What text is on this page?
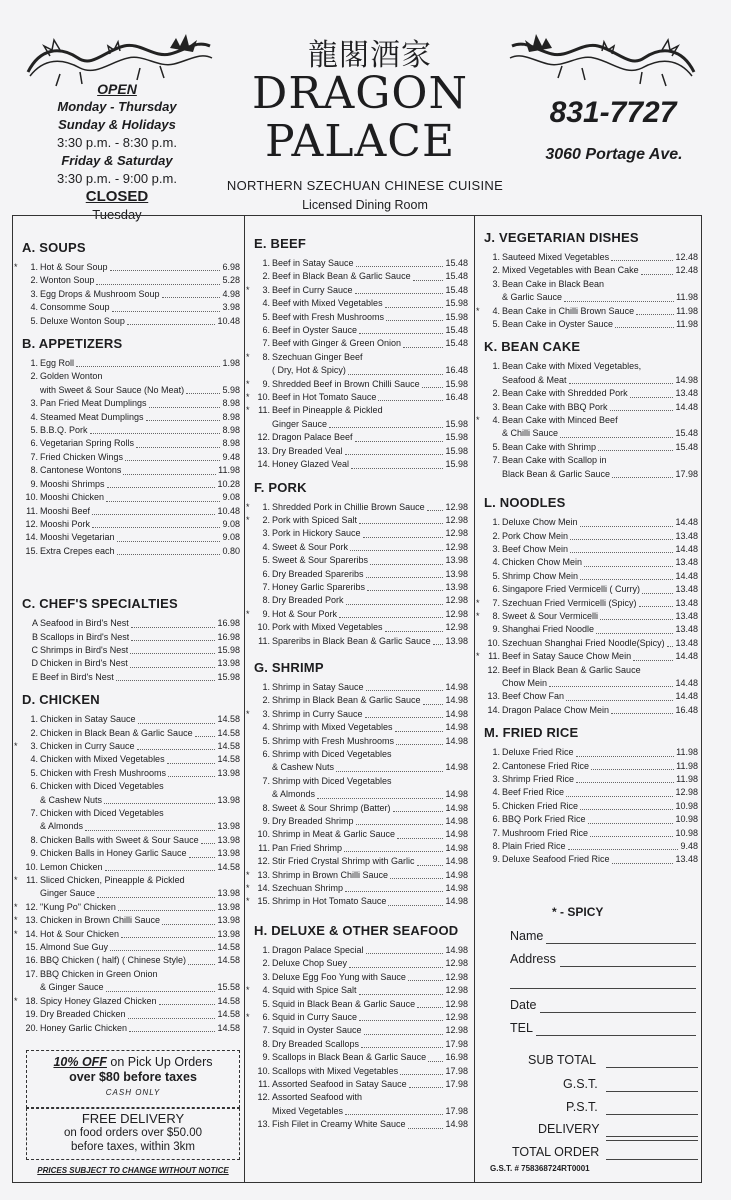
OPEN
Monday - Thursday
Sunday & Holidays
3:30 p.m. - 8:30 p.m.
Friday & Saturday
3:30 p.m. - 9:00 p.m.
CLOSED
Tuesday
龍閣酒家
DRAGON
PALACE
NORTHERN SZECHUAN CHINESE CUISINE
Licensed Dining Room
831-7727
3060 Portage Ave.
A. SOUPS
*	1. Hot & Sour Soup	6.98
2. Wonton Soup	5.28
3. Egg Drops & Mushroom Soup	4.98
4. Consomme Soup	3.98
5. Deluxe Wonton Soup	10.48
B. APPETIZERS
1. Egg Roll	1.98
2. Golden Wonton
with Sweet & Sour Sauce (No Meat)	5.98
3. Pan Fried Meat Dumplings	8.98
4. Steamed Meat Dumplings	8.98
5. B.B.Q. Pork	8.98
6. Vegetarian Spring Rolls	8.98
7. Fried Chicken Wings	9.48
8. Cantonese Wontons	11.98
9. Mooshi Shrimps	10.28
10. Mooshi Chicken	9.08
11. Mooshi Beef	10.48
12. Mooshi Pork	9.08
14. Mooshi Vegetarian	9.08
15. Extra Crepes each	0.80
C. CHEF'S SPECIALTIES
A Seafood in Bird's Nest	16.98
B Scallops in Bird's Nest	16.98
C Shrimps in Bird's Nest	15.98
D Chicken in Bird's Nest	13.98
E Beef in Bird's Nest	15.98
D. CHICKEN
1. Chicken in Satay Sauce	14.58
2. Chicken in Black Bean & Garlic Sauce	14.58
*	3. Chicken in Curry Sauce	14.58
4. Chicken with Mixed Vegetables	14.58
5. Chicken with Fresh Mushrooms	13.98
6. Chicken with Diced Vegetables
& Cashew Nuts	13.98
7. Chicken with Diced Vegetables
& Almonds	13.98
8. Chicken Balls with Sweet & Sour Sauce 13.98
9. Chicken Balls in Honey Garlic Sauce	13.98
10. Lemon Chicken	14.58
* 11. Sliced Chicken, Pineapple & Pickled
Ginger Sauce	13.98
* 12. "Kung Po" Chicken	13.98
* 13. Chicken in Brown Chilli Sauce	13.98
* 14. Hot & Sour Chicken	13.98
15. Almond Sue Guy	14.58
16. BBQ Chicken ( half) ( Chinese Style)	14.58
17. BBQ Chicken in Green Onion
& Ginger Sauce	15.58
* 18. Spicy Honey Glazed Chicken	14.58
19. Dry Breaded Chicken	14.58
20. Honey Garlic Chicken	14.58
E. BEEF
1. Beef in Satay Sauce	15.48
2. Beef in Black Bean & Garlic Sauce	15.48
*	3. Beef in Curry Sauce	15.48
4. Beef with Mixed Vegetables	15.98
5. Beef with Fresh Mushrooms	15.98
6. Beef in Oyster Sauce	15.48
7. Beef with Ginger & Green Onion	15.48
*	8. Szechuan Ginger Beef
( Dry, Hot & Spicy)	16.48
*	9. Shredded Beef in Brown Chilli Sauce	15.98
* 10. Beef in Hot Tomato Sauce	16.48
* 11. Beef in Pineapple & Pickled
Ginger Sauce	15.98
12. Dragon Palace Beef	15.98
13. Dry Breaded Veal	15.98
14. Honey Glazed Veal	15.98
F. PORK
*	1. Shredded Pork in Chillie Brown Sauce 12.98
*	2. Pork with Spiced Salt	12.98
3. Pork in Hickory Sauce	12.98
4. Sweet & Sour Pork	12.98
5. Sweet & Sour Spareribs	13.98
6. Dry Breaded Spareribs	13.98
7. Honey Garlic Spareribs	13.98
8. Dry Breaded Pork	12.98
*	9. Hot & Sour Pork	12.98
10. Pork with Mixed Vegetables	12.98
11. Spareribs in Black Bean & Garlic Sauce 13.98
G. SHRIMP
1. Shrimp in Satay Sauce	14.98
2. Shrimp in Black Bean & Garlic Sauce	14.98
*	3. Shrimp in Curry Sauce	14.98
4. Shrimp with Mixed Vegetables	14.98
5. Shrimp with Fresh Mushrooms	14.98
6. Shrimp with Diced Vegetables
& Cashew Nuts	14.98
7. Shrimp with Diced Vegetables
& Almonds	14.98
8. Sweet & Sour Shrimp (Batter)	14.98
9. Dry Breaded Shrimp	14.98
10. Shrimp in Meat & Garlic Sauce	14.98
11. Pan Fried Shrimp	14.98
12. Stir Fried Crystal Shrimp with Garlic	14.98
* 13. Shrimp in Brown Chilli Sauce	14.98
* 14. Szechuan Shrimp	14.98
* 15. Shrimp in Hot Tomato Sauce	14.98
H. DELUXE & OTHER SEAFOOD
1. Dragon Palace Special	14.98
2. Deluxe Chop Suey	12.98
3. Deluxe Egg Foo Yung with Sauce	12.98
*	4. Squid with Spice Salt	12.98
5. Squid in Black Bean & Garlic Sauce	12.98
*	6. Squid in Curry Sauce	12.98
7. Squid in Oyster Sauce	12.98
8. Dry Breaded Scallops	17.98
9. Scallops in Black Bean & Garlic Sauce 16.98
10. Scallops with Mixed Vegetables	17.98
11. Assorted Seafood in Satay Sauce	17.98
12. Assorted Seafood with
Mixed Vegetables	17.98
13. Fish Filet in Creamy White Sauce	14.98
J. VEGETARIAN DISHES
1. Sauteed Mixed Vegetables	12.48
2. Mixed Vegetables with Bean Cake	12.48
3. Bean Cake in Black Bean
& Garlic Sauce	11.98
*	4. Bean Cake in Chilli Brown Sauce	11.98
5. Bean Cake in Oyster Sauce	11.98
K. BEAN CAKE
1. Bean Cake with Mixed Vegetables,
Seafood & Meat	14.98
2. Bean Cake with Shredded Pork	13.48
3. Bean Cake with BBQ Pork	14.48
*	4. Bean Cake with Minced Beef
& Chilli Sauce	15.48
5. Bean Cake with Shrimp	15.48
7. Bean Cake with Scallop in
Black Bean & Garlic Sauce	17.98
L. NOODLES
1. Deluxe Chow Mein	14.48
2. Pork Chow Mein	13.48
3. Beef Chow Mein	14.48
4. Chicken Chow Mein	13.48
5. Shrimp Chow Mein	14.48
6. Singapore Fried Vermicelli ( Curry)	13.48
*	7. Szechuan Fried Vermicelli (Spicy)	13.48
*	8. Sweet & Sour Vermicelli	13.48
9. Shanghai Fried Noodle	13.48
10. Szechuan Shanghai Fried Noodle(Spicy) 13.48
* 11. Beef in Satay Sauce Chow Mein	14.48
12. Beef in Black Bean & Garlic Sauce
Chow Mein	14.48
13. Beef Chow Fan	14.48
14. Dragon Palace Chow Mein	16.48
M. FRIED RICE
1. Deluxe Fried Rice	11.98
2. Cantonese Fried Rice	11.98
3. Shrimp Fried Rice	11.98
4. Beef Fried Rice	12.98
5. Chicken Fried Rice	10.98
6. BBQ Pork Fried Rice	10.98
7. Mushroom Fried Rice	10.98
8. Plain Fried Rice	9.48
9. Deluxe Seafood Fried Rice	13.48
* - SPICY
Name
Address
Date
TEL
SUB TOTAL
G.S.T.
P.S.T.
DELIVERY
TOTAL ORDER
G.S.T. # 758368724RT0001
10% OFF on Pick Up Orders
over $80 before taxes
CASH ONLY
FREE DELIVERY
on food orders over $50.00
before taxes, within 3km
PRICES SUBJECT TO CHANGE WITHOUT NOTICE
